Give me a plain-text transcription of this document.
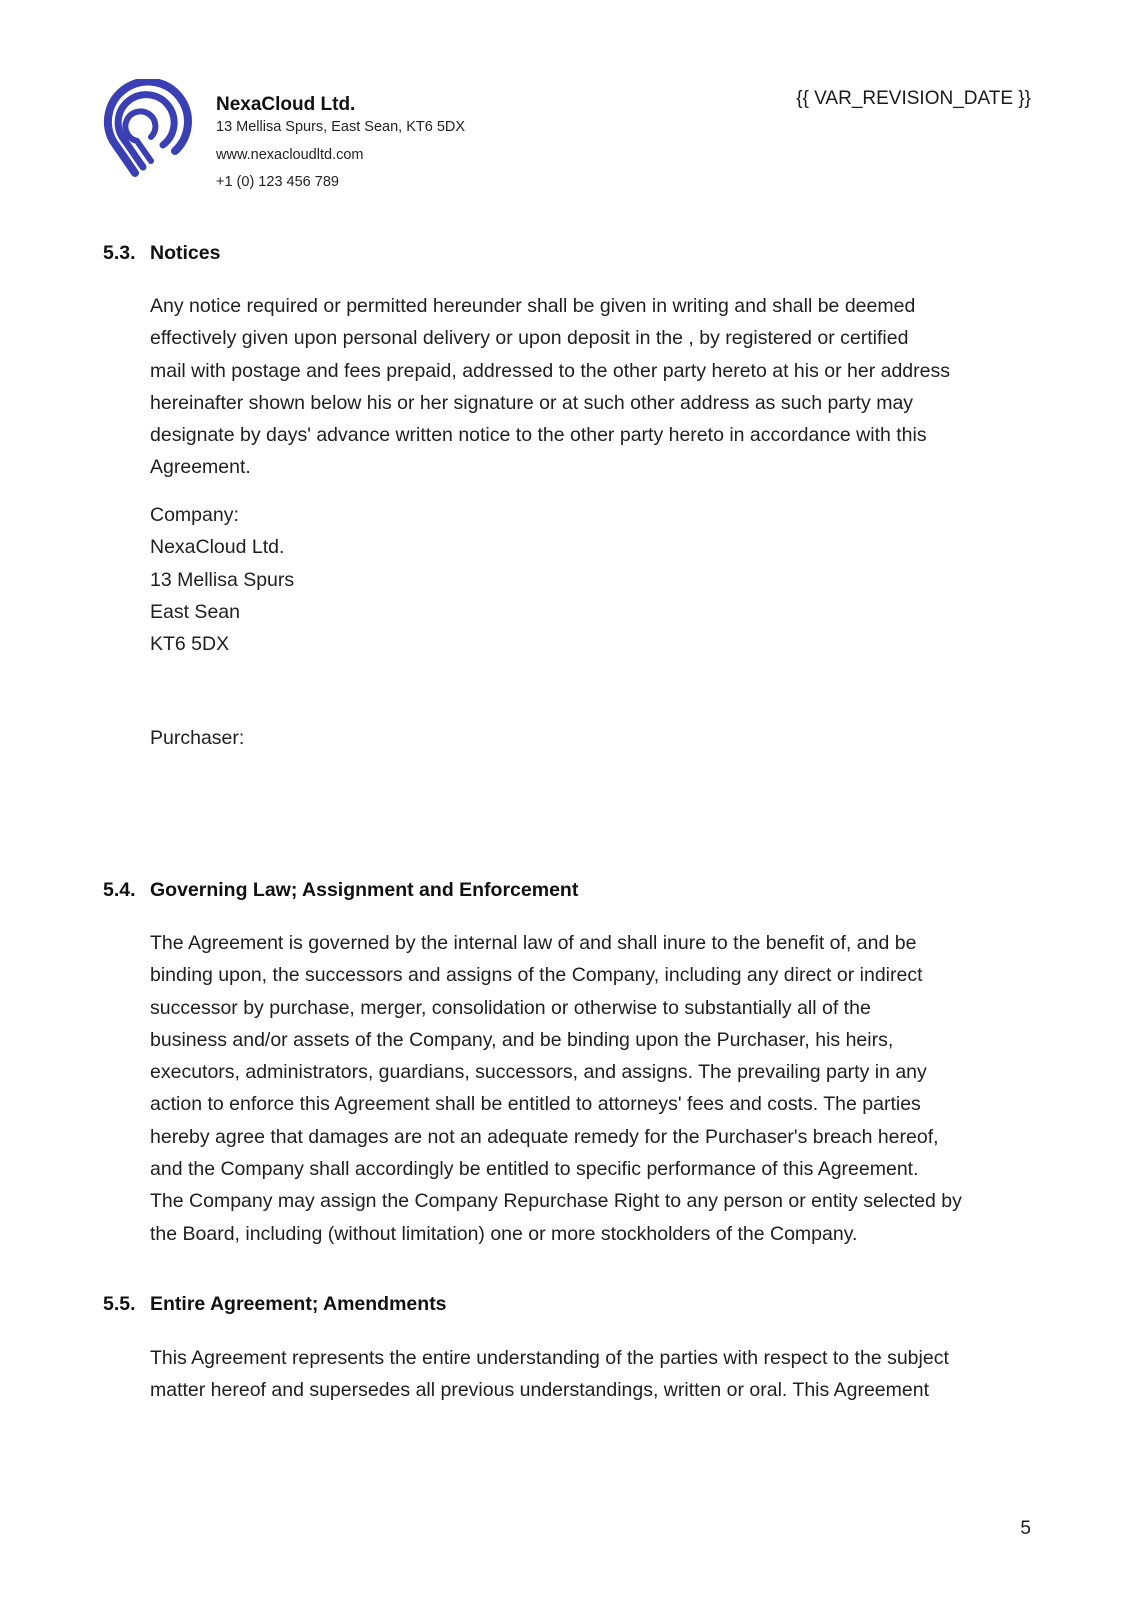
NexaCloud Ltd.
13 Mellisa Spurs, East Sean, KT6 5DX
www.nexacloudltd.com
+1 (0) 123 456 789
{{ VAR_REVISION_DATE }}
5.3. Notices
Any notice required or permitted hereunder shall be given in writing and shall be deemed
effectively given upon personal delivery or upon deposit in the , by registered or certified
mail with postage and fees prepaid, addressed to the other party hereto at his or her address
hereinafter shown below his or her signature or at such other address as such party may
designate by days' advance written notice to the other party hereto in accordance with this
Agreement.
Company:
NexaCloud Ltd.
13 Mellisa Spurs
East Sean
KT6 5DX
Purchaser:
5.4. Governing Law; Assignment and Enforcement
The Agreement is governed by the internal law of and shall inure to the benefit of, and be
binding upon, the successors and assigns of the Company, including any direct or indirect
successor by purchase, merger, consolidation or otherwise to substantially all of the
business and/or assets of the Company, and be binding upon the Purchaser, his heirs,
executors, administrators, guardians, successors, and assigns. The prevailing party in any
action to enforce this Agreement shall be entitled to attorneys' fees and costs. The parties
hereby agree that damages are not an adequate remedy for the Purchaser's breach hereof,
and the Company shall accordingly be entitled to specific performance of this Agreement.
The Company may assign the Company Repurchase Right to any person or entity selected by
the Board, including (without limitation) one or more stockholders of the Company.
5.5. Entire Agreement; Amendments
This Agreement represents the entire understanding of the parties with respect to the subject
matter hereof and supersedes all previous understandings, written or oral. This Agreement
5
